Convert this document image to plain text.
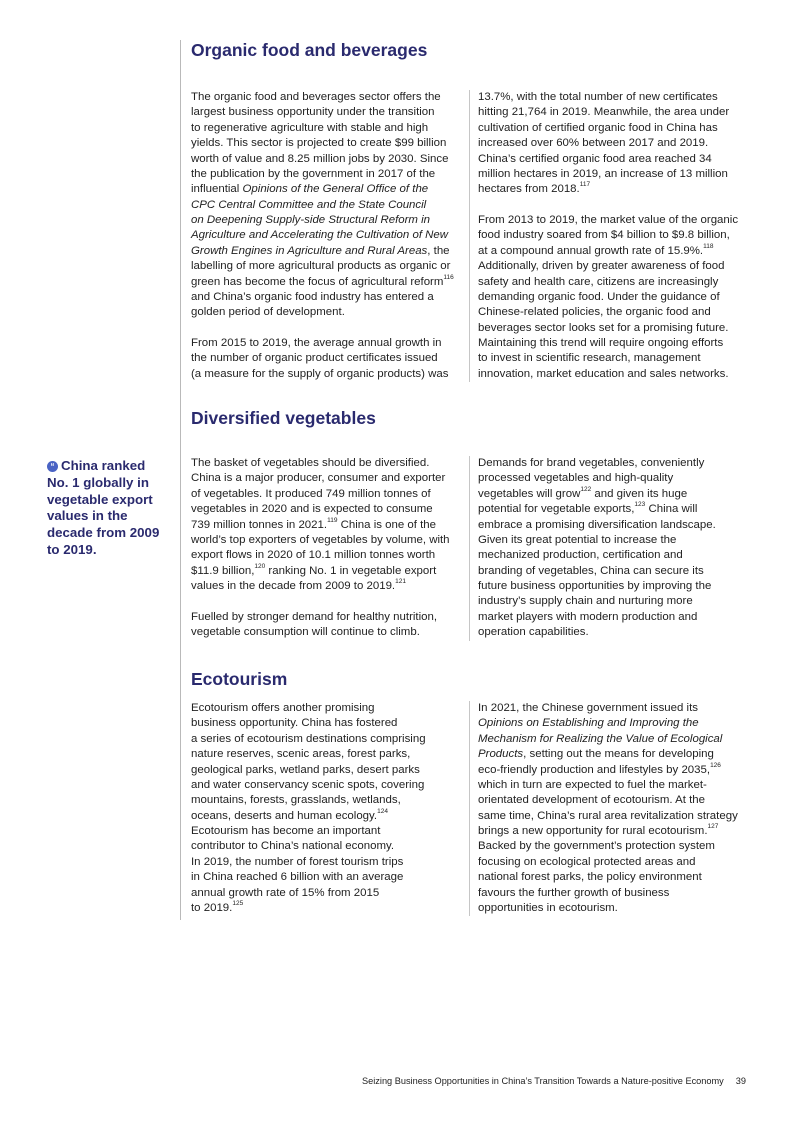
Organic food and beverages
The organic food and beverages sector offers the
largest business opportunity under the transition
to regenerative agriculture with stable and high
yields. This sector is projected to create $99 billion
worth of value and 8.25 million jobs by 2030. Since
the publication by the government in 2017 of the
influential Opinions of the General Office of the
CPC Central Committee and the State Council
on Deepening Supply-side Structural Reform in
Agriculture and Accelerating the Cultivation of New
Growth Engines in Agriculture and Rural Areas, the
labelling of more agricultural products as organic or
green has become the focus of agricultural reform$^{116}$
and China’s organic food industry has entered a
golden period of development.
From 2015 to 2019, the average annual growth in
the number of organic product certificates issued
(a measure for the supply of organic products) was
13.7%, with the total number of new certificates
hitting 21,764 in 2019. Meanwhile, the area under
cultivation of certified organic food in China has
increased over 60% between 2017 and 2019.
China’s certified organic food area reached 34
million hectares in 2019, an increase of 13 million
hectares from 2018.$^{117}$
From 2013 to 2019, the market value of the organic
food industry soared from $4 billion to $9.8 billion,
at a compound annual growth rate of 15.9%.$^{118}$
Additionally, driven by greater awareness of food
safety and health care, citizens are increasingly
demanding organic food. Under the guidance of
Chinese-related policies, the organic food and
beverages sector looks set for a promising future.
Maintaining this trend will require ongoing efforts
to invest in scientific research, management
innovation, market education and sales networks.
Diversified vegetables
“ China ranked
No. 1 globally in
vegetable export
values in the
decade from 2009
to 2019.
The basket of vegetables should be diversified.
China is a major producer, consumer and exporter
of vegetables. It produced 749 million tonnes of
vegetables in 2020 and is expected to consume
739 million tonnes in 2021.$^{119}$ China is one of the
world’s top exporters of vegetables by volume, with
export flows in 2020 of 10.1 million tonnes worth
$11.9 billion,$^{120}$ ranking No. 1 in vegetable export
values in the decade from 2009 to 2019.$^{121}$
Fuelled by stronger demand for healthy nutrition,
vegetable consumption will continue to climb.
Demands for brand vegetables, conveniently
processed vegetables and high-quality
vegetables will grow$^{122}$ and given its huge
potential for vegetable exports,$^{123}$ China will
embrace a promising diversification landscape.
Given its great potential to increase the
mechanized production, certification and
branding of vegetables, China can secure its
future business opportunities by improving the
industry’s supply chain and nurturing more
market players with modern production and
operation capabilities.
Ecotourism
Ecotourism offers another promising
business opportunity. China has fostered
a series of ecotourism destinations comprising
nature reserves, scenic areas, forest parks,
geological parks, wetland parks, desert parks
and water conservancy scenic spots, covering
mountains, forests, grasslands, wetlands,
oceans, deserts and human ecology.$^{124}$
Ecotourism has become an important
contributor to China’s national economy.
In 2019, the number of forest tourism trips
in China reached 6 billion with an average
annual growth rate of 15% from 2015
to 2019.$^{125}$
In 2021, the Chinese government issued its
Opinions on Establishing and Improving the
Mechanism for Realizing the Value of Ecological
Products, setting out the means for developing
eco-friendly production and lifestyles by 2035,$^{126}$
which in turn are expected to fuel the market-
orientated development of ecotourism. At the
same time, China’s rural area revitalization strategy
brings a new opportunity for rural ecotourism.$^{127}$
Backed by the government’s protection system
focusing on ecological protected areas and
national forest parks, the policy environment
favours the further growth of business
opportunities in ecotourism.
Seizing Business Opportunities in China’s Transition Towards a Nature-positive Economy 39
